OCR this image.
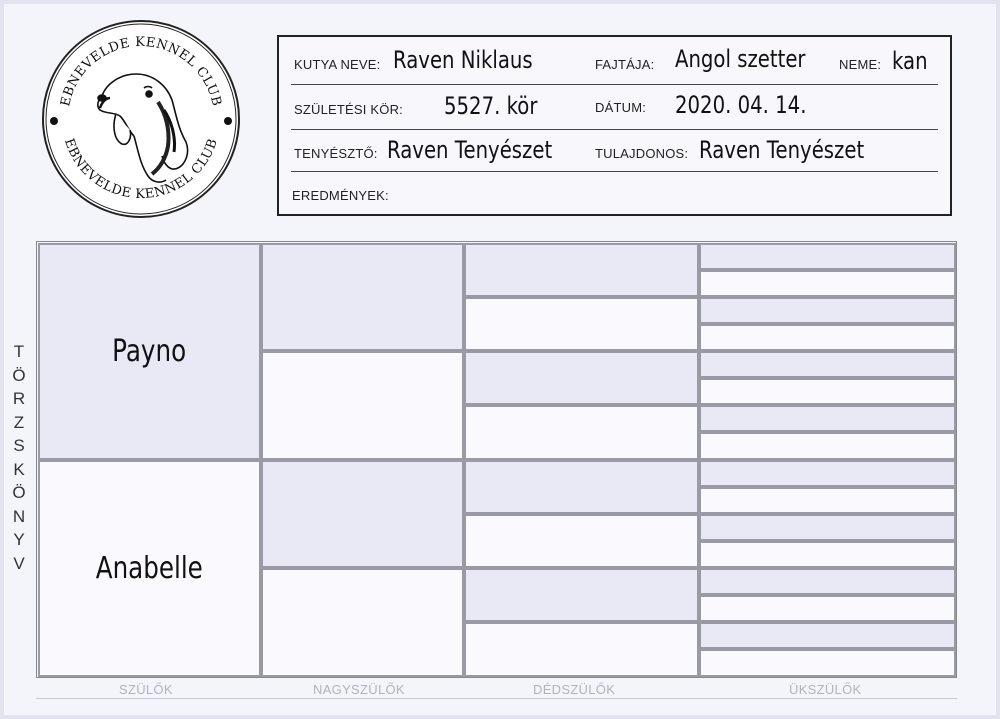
EBNEVELDE KENNEL CLUB
EBNEVELDE KENNEL CLUB
KUTYA NEVE: Raven Niklaus	FAJTÁJA: Angol szetter	NEME: kan
SZÜLETÉSI KÖR: 5527. kör	DÁTUM: 2020. 04. 14.
TENYÉSZTŐ: Raven Tenyészet	TULAJDONOS: Raven Tenyészet
EREDMÉNYEK:
T
Ö
R
Z
S
K
Ö
N
Y
V
Payno
Anabelle
SZÜLŐK	NAGYSZÜLŐK	DÉDSZÜLŐK	ÜKSZÜLŐK
